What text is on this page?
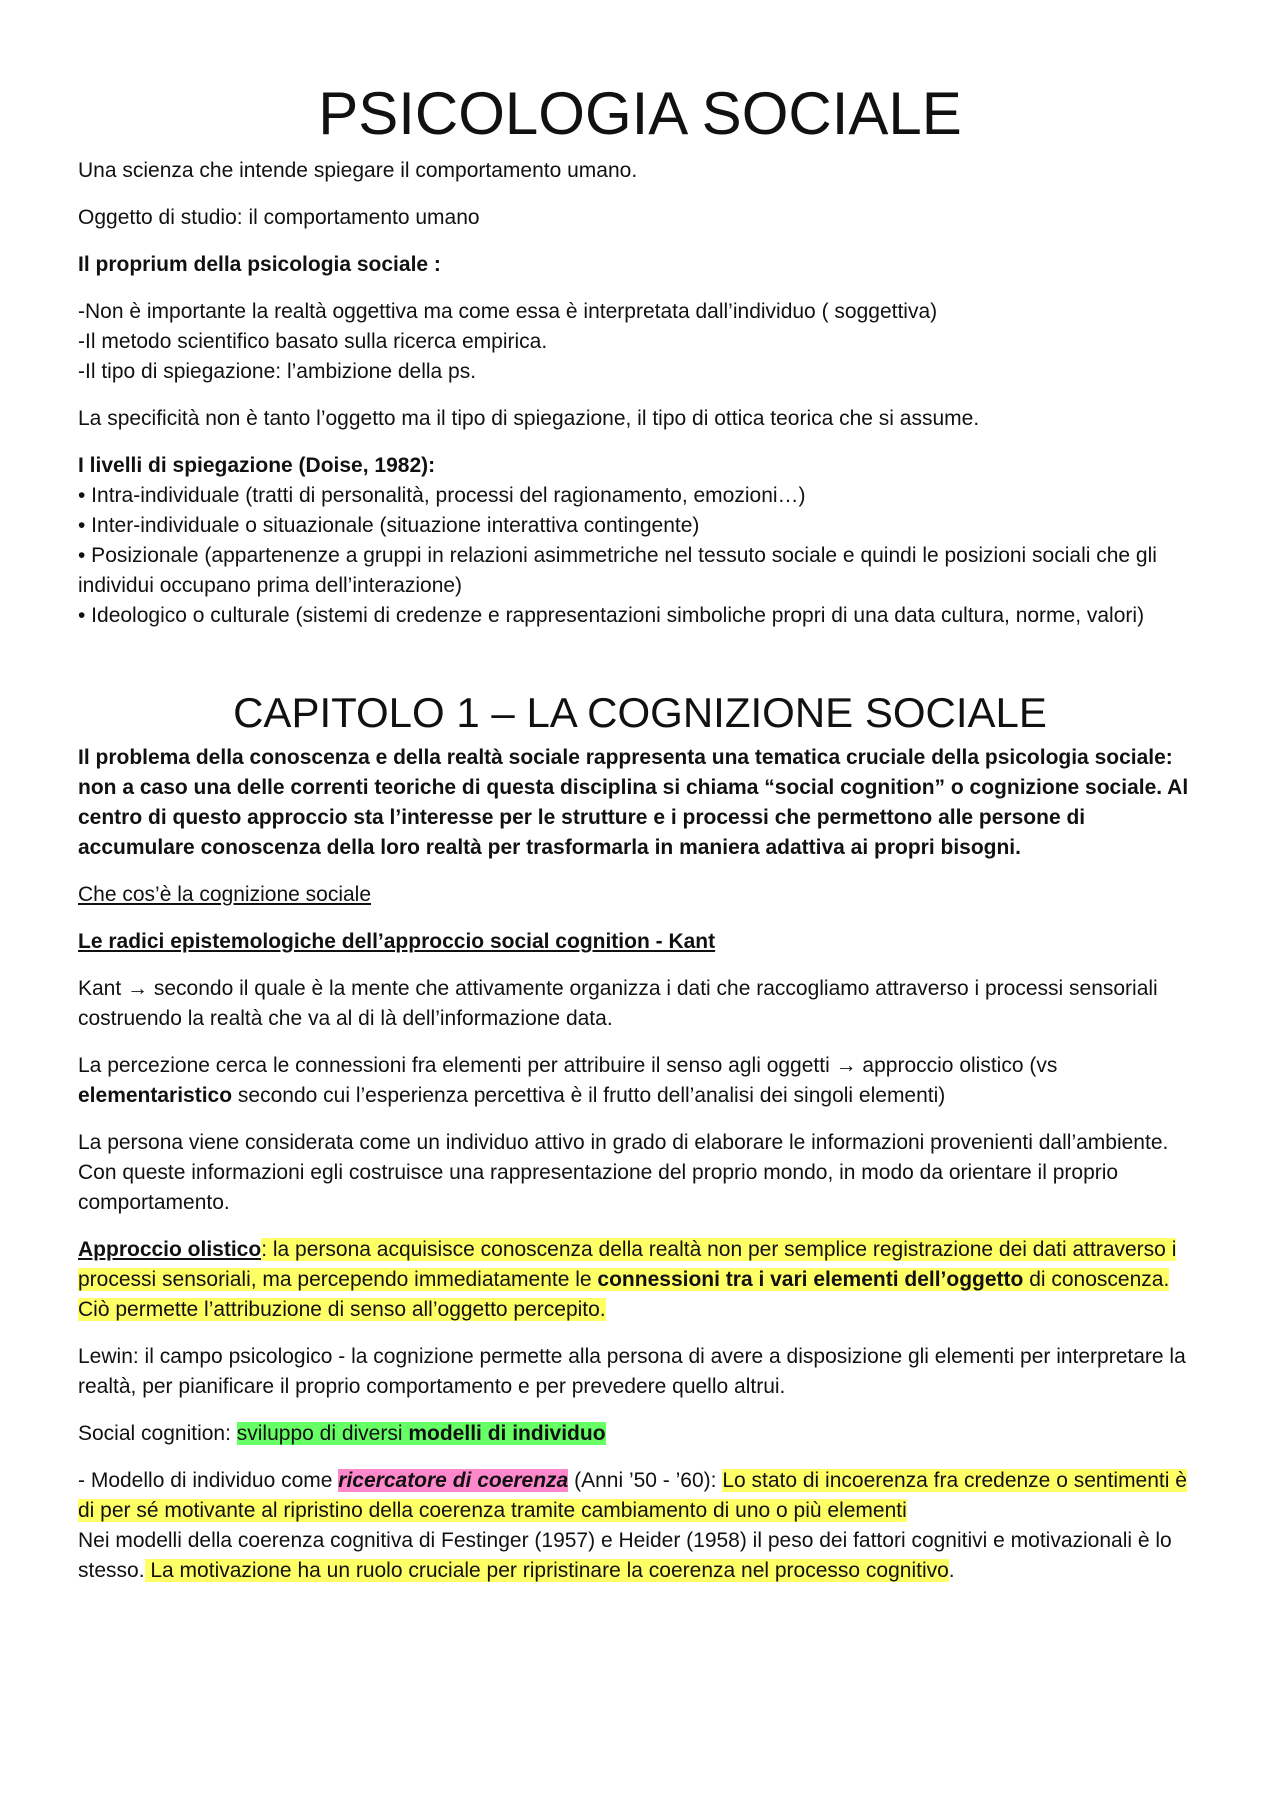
PSICOLOGIA SOCIALE

Una scienza che intende spiegare il comportamento umano.

Oggetto di studio: il comportamento umano

Il proprium della psicologia sociale :

-Non è importante la realtà oggettiva ma come essa è interpretata dall’individuo ( soggettiva)

-Il metodo scientifico basato sulla ricerca empirica.

-Il tipo di spiegazione: l’ambizione della ps.

La specificità non è tanto l’oggetto ma il tipo di spiegazione, il tipo di ottica teorica che si assume.

I livelli di spiegazione (Doise, 1982):

• Intra-individuale (tratti di personalità, processi del ragionamento, emozioni…)

• Inter-individuale o situazionale (situazione interattiva contingente)

• Posizionale (appartenenze a gruppi in relazioni asimmetriche nel tessuto sociale e quindi le posizioni sociali che gli individui occupano prima dell’interazione)

• Ideologico o culturale (sistemi di credenze e rappresentazioni simboliche propri di una data cultura, norme, valori)

CAPITOLO 1 – LA COGNIZIONE SOCIALE

Il problema della conoscenza e della realtà sociale rappresenta una tematica cruciale della psicologia sociale: non a caso una delle correnti teoriche di questa disciplina si chiama “social cognition” o cognizione sociale. Al centro di questo approccio sta l’interesse per le strutture e i processi che permettono alle persone di accumulare conoscenza della loro realtà per trasformarla in maniera adattiva ai propri bisogni.

Che cos’è la cognizione sociale

Le radici epistemologiche dell’approccio social cognition - Kant

Kant → secondo il quale è la mente che attivamente organizza i dati che raccogliamo attraverso i processi sensoriali costruendo la realtà che va al di là dell’informazione data.

La percezione cerca le connessioni fra elementi per attribuire il senso agli oggetti → approccio olistico (vs elementaristico secondo cui l’esperienza percettiva è il frutto dell’analisi dei singoli elementi)

La persona viene considerata come un individuo attivo in grado di elaborare le informazioni provenienti dall’ambiente. Con queste informazioni egli costruisce una rappresentazione del proprio mondo, in modo da orientare il proprio comportamento.

Approccio olistico: la persona acquisisce conoscenza della realtà non per semplice registrazione dei dati attraverso i processi sensoriali, ma percependo immediatamente le connessioni tra i vari elementi dell’oggetto di conoscenza. Ciò permette l’attribuzione di senso all’oggetto percepito.

Lewin: il campo psicologico - la cognizione permette alla persona di avere a disposizione gli elementi per interpretare la realtà, per pianificare il proprio comportamento e per prevedere quello altrui.

Social cognition: sviluppo di diversi modelli di individuo

- Modello di individuo come ricercatore di coerenza (Anni ’50 - ’60): Lo stato di incoerenza fra credenze o sentimenti è di per sé motivante al ripristino della coerenza tramite cambiamento di uno o più elementi
Nei modelli della coerenza cognitiva di Festinger (1957) e Heider (1958) il peso dei fattori cognitivi e motivazionali è lo stesso. La motivazione ha un ruolo cruciale per ripristinare la coerenza nel processo cognitivo.
